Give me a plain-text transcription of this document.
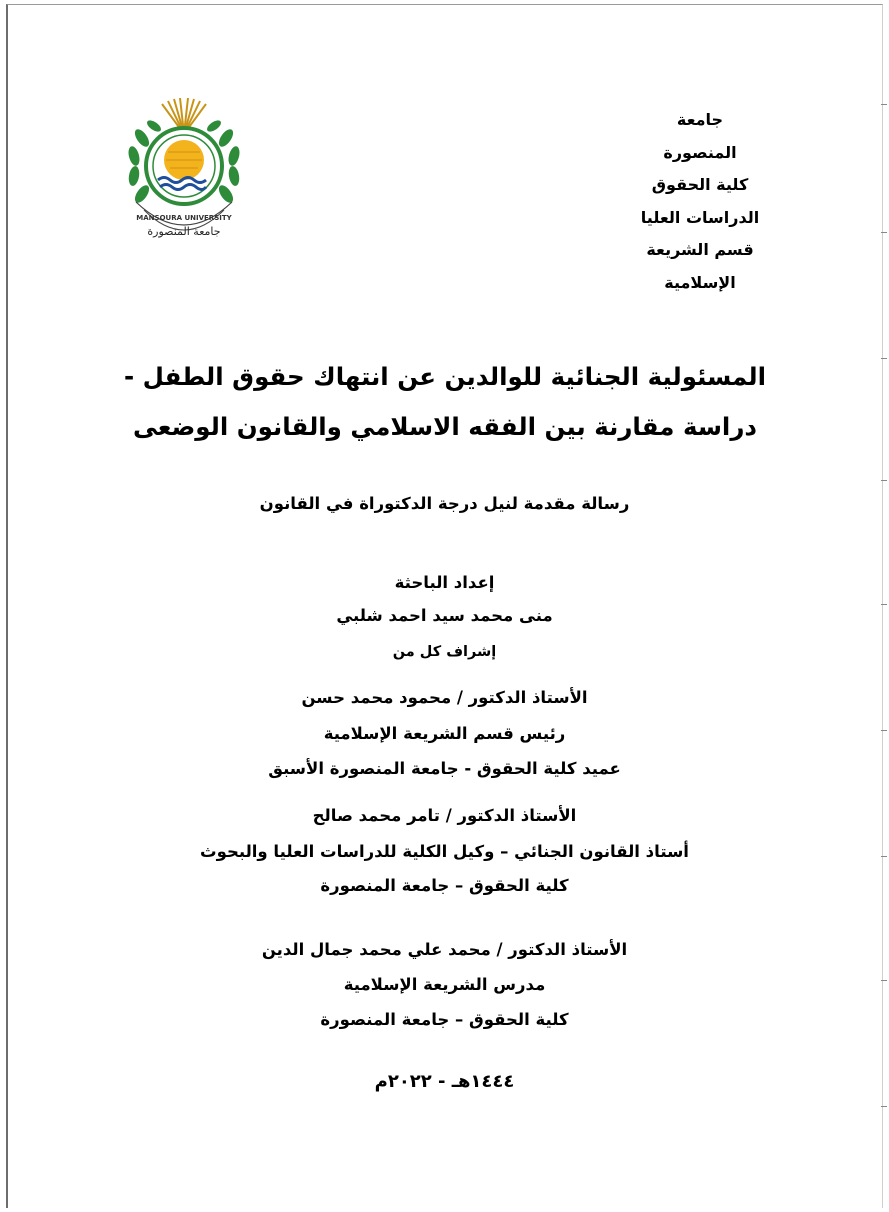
MANSOURA UNIVERSITY
جامعة المنصورة
جامعة
المنصورة
كلية الحقوق
الدراسات العليا
قسم الشريعة
الإسلامية
المسئولية الجنائية للوالدين عن انتهاك حقوق الطفل -
دراسة مقارنة بين الفقه الاسلامي والقانون الوضعى
رسالة مقدمة لنيل درجة الدكتوراة في القانون
إعداد الباحثة
منى محمد سيد احمد شلبي
إشراف كل من
الأستاذ الدكتور / محمود محمد حسن
رئيس قسم الشريعة الإسلامية
عميد كلية الحقوق - جامعة المنصورة الأسبق
الأستاذ الدكتور / تامر محمد صالح
أستاذ القانون الجنائي – وكيل الكلية للدراسات العليا والبحوث
كلية الحقوق – جامعة المنصورة
الأستاذ الدكتور / محمد علي محمد جمال الدين
مدرس الشريعة الإسلامية
كلية الحقوق – جامعة المنصورة
١٤٤٤هـ - ٢٠٢٢م
